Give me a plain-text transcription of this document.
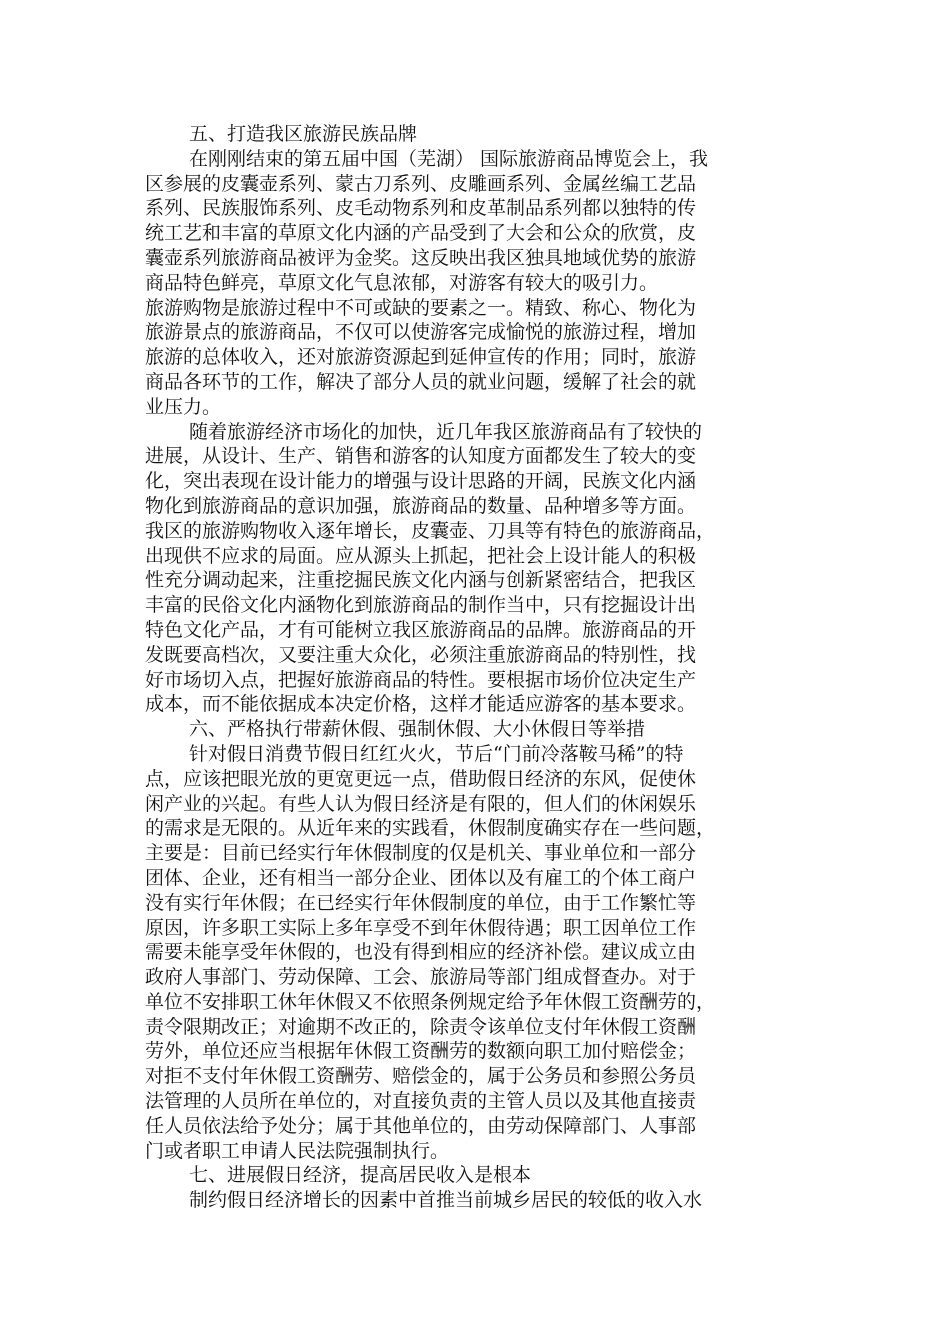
五、打造我区旅游民族品牌
在刚刚结束的第五届中国（芜湖） 国际旅游商品博览会上，我
区参展的皮囊壶系列、蒙古刀系列、皮雕画系列、金属丝编工艺品
系列、民族服饰系列、皮毛动物系列和皮革制品系列都以独特的传
统工艺和丰富的草原文化内涵的产品受到了大会和公众的欣赏，皮
囊壶系列旅游商品被评为金奖。这反映出我区独具地域优势的旅游
商品特色鲜亮，草原文化气息浓郁，对游客有较大的吸引力。
旅游购物是旅游过程中不可或缺的要素之一。精致、称心、物化为
旅游景点的旅游商品，不仅可以使游客完成愉悦的旅游过程，增加
旅游的总体收入，还对旅游资源起到延伸宣传的作用；同时，旅游
商品各环节的工作，解决了部分人员的就业问题，缓解了社会的就
业压力。
随着旅游经济市场化的加快，近几年我区旅游商品有了较快的
进展，从设计、生产、销售和游客的认知度方面都发生了较大的变
化，突出表现在设计能力的增强与设计思路的开阔，民族文化内涵
物化到旅游商品的意识加强，旅游商品的数量、品种增多等方面。
我区的旅游购物收入逐年增长，皮囊壶、刀具等有特色的旅游商品，
出现供不应求的局面。应从源头上抓起，把社会上设计能人的积极
性充分调动起来，注重挖掘民族文化内涵与创新紧密结合，把我区
丰富的民俗文化内涵物化到旅游商品的制作当中，只有挖掘设计出
特色文化产品，才有可能树立我区旅游商品的品牌。旅游商品的开
发既要高档次，又要注重大众化，必须注重旅游商品的特别性，找
好市场切入点，把握好旅游商品的特性。要根据市场价位决定生产
成本，而不能依据成本决定价格，这样才能适应游客的基本要求。
六、严格执行带薪休假、强制休假、大小休假日等举措
针对假日消费节假日红红火火，节后“门前冷落鞍马稀”的特
点，应该把眼光放的更宽更远一点，借助假日经济的东风，促使休
闲产业的兴起。有些人认为假日经济是有限的，但人们的休闲娱乐
的需求是无限的。从近年来的实践看，休假制度确实存在一些问题，
主要是：目前已经实行年休假制度的仅是机关、事业单位和一部分
团体、企业，还有相当一部分企业、团体以及有雇工的个体工商户
没有实行年休假；在已经实行年休假制度的单位，由于工作繁忙等
原因，许多职工实际上多年享受不到年休假待遇；职工因单位工作
需要未能享受年休假的，也没有得到相应的经济补偿。建议成立由
政府人事部门、劳动保障、工会、旅游局等部门组成督查办。对于
单位不安排职工休年休假又不依照条例规定给予年休假工资酬劳的，
责令限期改正；对逾期不改正的，除责令该单位支付年休假工资酬
劳外，单位还应当根据年休假工资酬劳的数额向职工加付赔偿金；
对拒不支付年休假工资酬劳、赔偿金的，属于公务员和参照公务员
法管理的人员所在单位的，对直接负责的主管人员以及其他直接责
任人员依法给予处分；属于其他单位的，由劳动保障部门、人事部
门或者职工申请人民法院强制执行。
七、进展假日经济，提高居民收入是根本
制约假日经济增长的因素中首推当前城乡居民的较低的收入水
